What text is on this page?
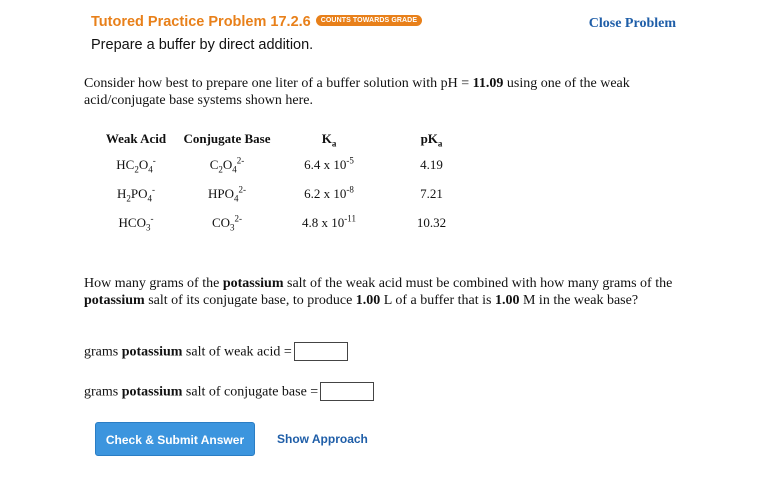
Tutored Practice Problem 17.2.6 COUNTS TOWARDS GRADE
Prepare a buffer by direct addition.
Close Problem
Consider how best to prepare one liter of a buffer solution with pH = 11.09 using one of the weak acid/conjugate base systems shown here.
Weak Acid	Conjugate Base	$K_a$	$pK_a$
$HC_2O_4^-$	$C_2O_4^{2-}$	6.4 x $10^{-5}$	4.19
$H_2PO_4^-$	$HPO_4^{2-}$	6.2 x $10^{-8}$	7.21
$HCO_3^-$	$CO_3^{2-}$	4.8 x $10^{-11}$	10.32
How many grams of the potassium salt of the weak acid must be combined with how many grams of the potassium salt of its conjugate base, to produce 1.00 L of a buffer that is 1.00 M in the weak base?
grams potassium salt of weak acid =
grams potassium salt of conjugate base =
Check & Submit Answer	Show Approach
